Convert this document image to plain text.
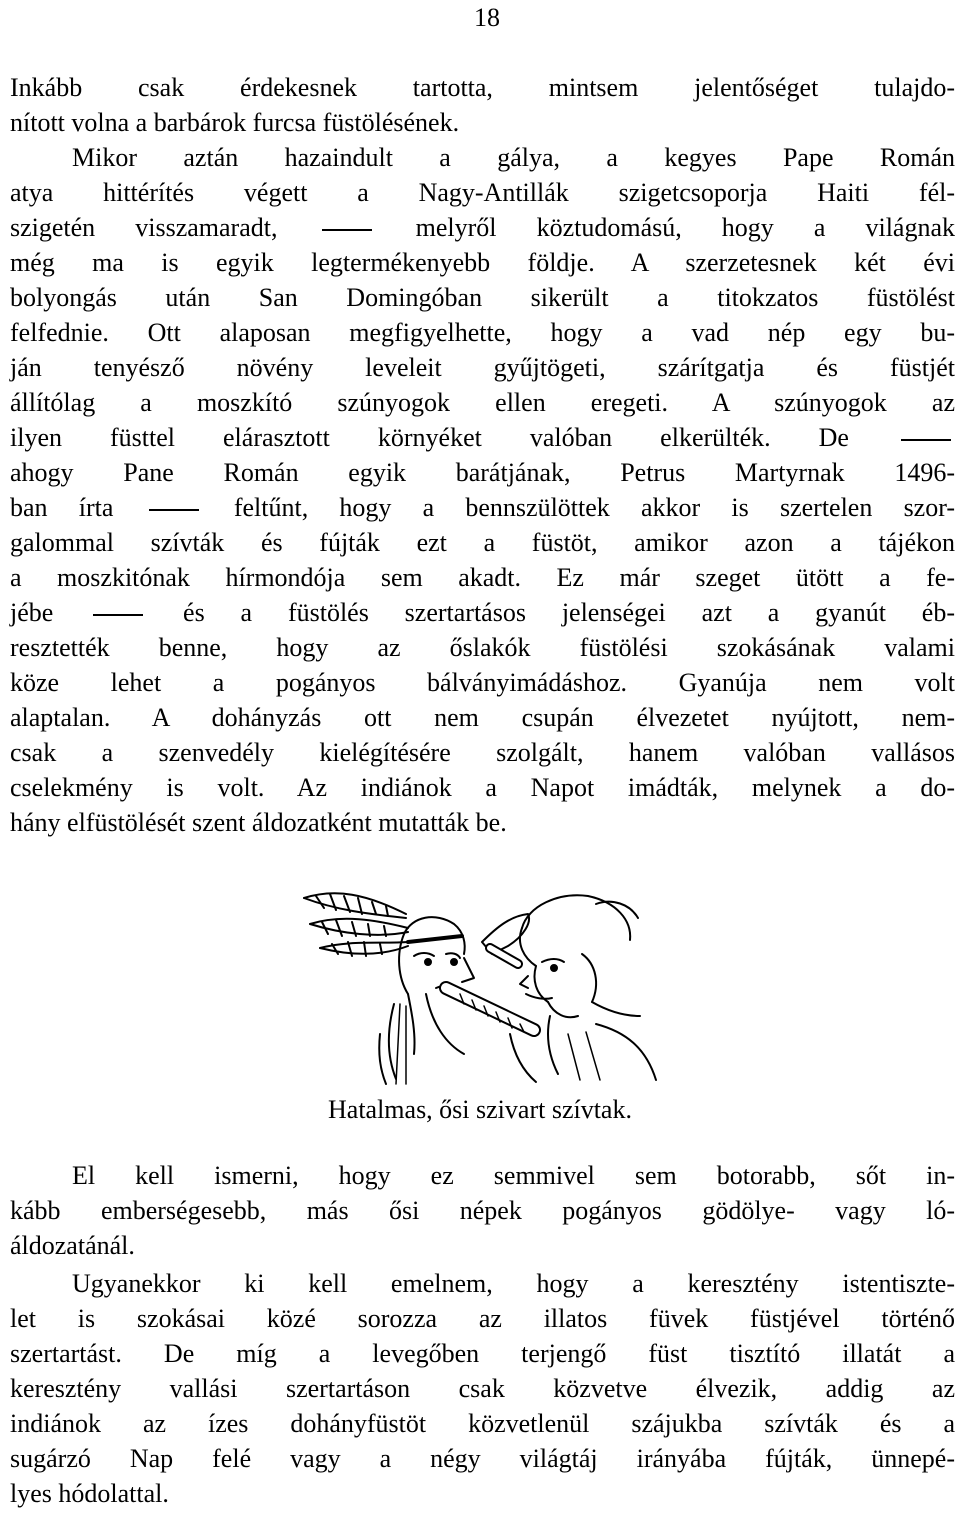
18
Inkább csak érdekesnek tartotta, mintsem jelentőséget tulajdo-
nított volna a barbárok furcsa füstölésének.
Mikor aztán hazaindult a gálya, a kegyes Pape Román
atya hittérítés végett a Nagy-Antillák szigetcsoporja Haiti fél-
szigetén visszamaradt,	melyről köztudomású, hogy a világnak
még ma is egyik legtermékenyebb földje. A szerzetesnek két évi
bolyongás után San Domingóban sikerült a titokzatos füstölést
felfednie. Ott alaposan megfigyelhette, hogy a vad nép egy bu-
ján tenyésző növény leveleit gyűjtögeti, szárítgatja és füstjét
állítólag a moszkító szúnyogok ellen eregeti. A szúnyogok az
ilyen füsttel elárasztott környéket valóban elkerülték. De
ahogy Pane Román egyik barátjának, Petrus Martyrnak 1496-
ban írta	feltűnt, hogy a bennszülöttek akkor is szertelen szor-
galommal szívták és fújták ezt a füstöt, amikor azon a tájékon
a moszkitónak hírmondója sem akadt. Ez már szeget ütött a fe-
jébe	és a füstölés szertartásos jelenségei azt a gyanút éb-
resztették benne, hogy az őslakók füstölési szokásának valami
köze lehet a pogányos bálványimádáshoz. Gyanúja nem volt
alaptalan. A dohányzás ott nem csupán élvezetet nyújtott, nem-
csak a szenvedély kielégítésére szolgált, hanem valóban vallásos
cselekmény is volt. Az indiánok a Napot imádták, melynek a do-
hány elfüstölését szent áldozatként mutatták be.
Hatalmas, ősi szivart szívtak.
El kell ismerni, hogy ez semmivel sem botorabb, sőt in-
kább emberségesebb, más ősi népek pogányos gödölye- vagy ló-
áldozatánál.
Ugyanekkor ki kell emelnem, hogy a keresztény istentiszte-
let is szokásai közé sorozza az illatos füvek füstjével történő
szertartást. De míg a levegőben terjengő füst tisztító illatát a
keresztény vallási szertartáson csak közvetve élvezik, addig az
indiánok az ízes dohányfüstöt közvetlenül szájukba szívták és a
sugárzó Nap felé vagy a négy világtáj irányába fújták, ünnepé-
lyes hódolattal.
